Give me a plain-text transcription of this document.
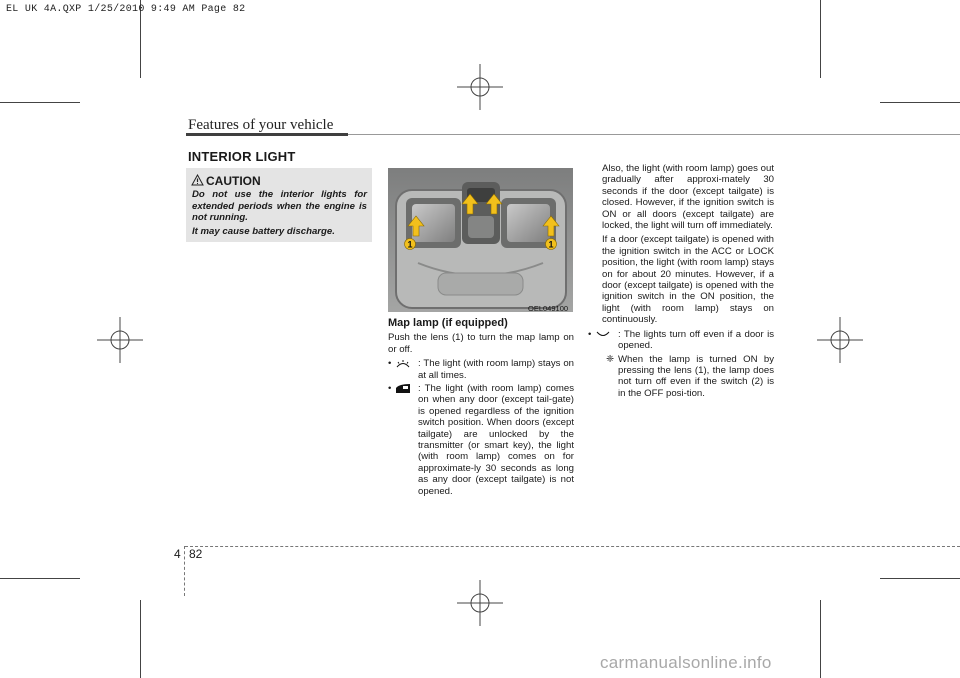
EL UK 4A.QXP 1/25/2010 9:49 AM Page 82
Features of your vehicle
INTERIOR LIGHT
CAUTION

Do not use the interior lights for extended periods when the engine is not running.

It may cause battery discharge.

1	1
OEL049100
Map lamp (if equipped)

Push the lens (1) to turn the map lamp on or off.

•	: The light (with room lamp) stays on at all times.
•	: The light (with room lamp) comes on when any door (except tail-gate) is opened regardless of the ignition switch position. When doors (except tailgate) are unlocked by the transmitter (or smart key), the light (with room lamp) comes on for approximate-ly 30 seconds as long as any door (except tailgate) is not opened.

Also, the light (with room lamp) goes out gradually after approxi-mately 30 seconds if the door (except tailgate) is closed. However, if the ignition switch is ON or all doors (except tailgate) are locked, the light will turn off immediately.

If a door (except tailgate) is opened with the ignition switch in the ACC or LOCK position, the light (with room lamp) stays on for about 20 minutes. However, if a door (except tailgate) is opened with the ignition switch in the ON position, the light (with room lamp) stays on continuously.

•	: The lights turn off even if a door is opened.
❈ When the lamp is turned ON by pressing the lens (1), the lamp does not turn off even if the switch (2) is in the OFF posi-tion.
4 82
carmanualsonline.info
